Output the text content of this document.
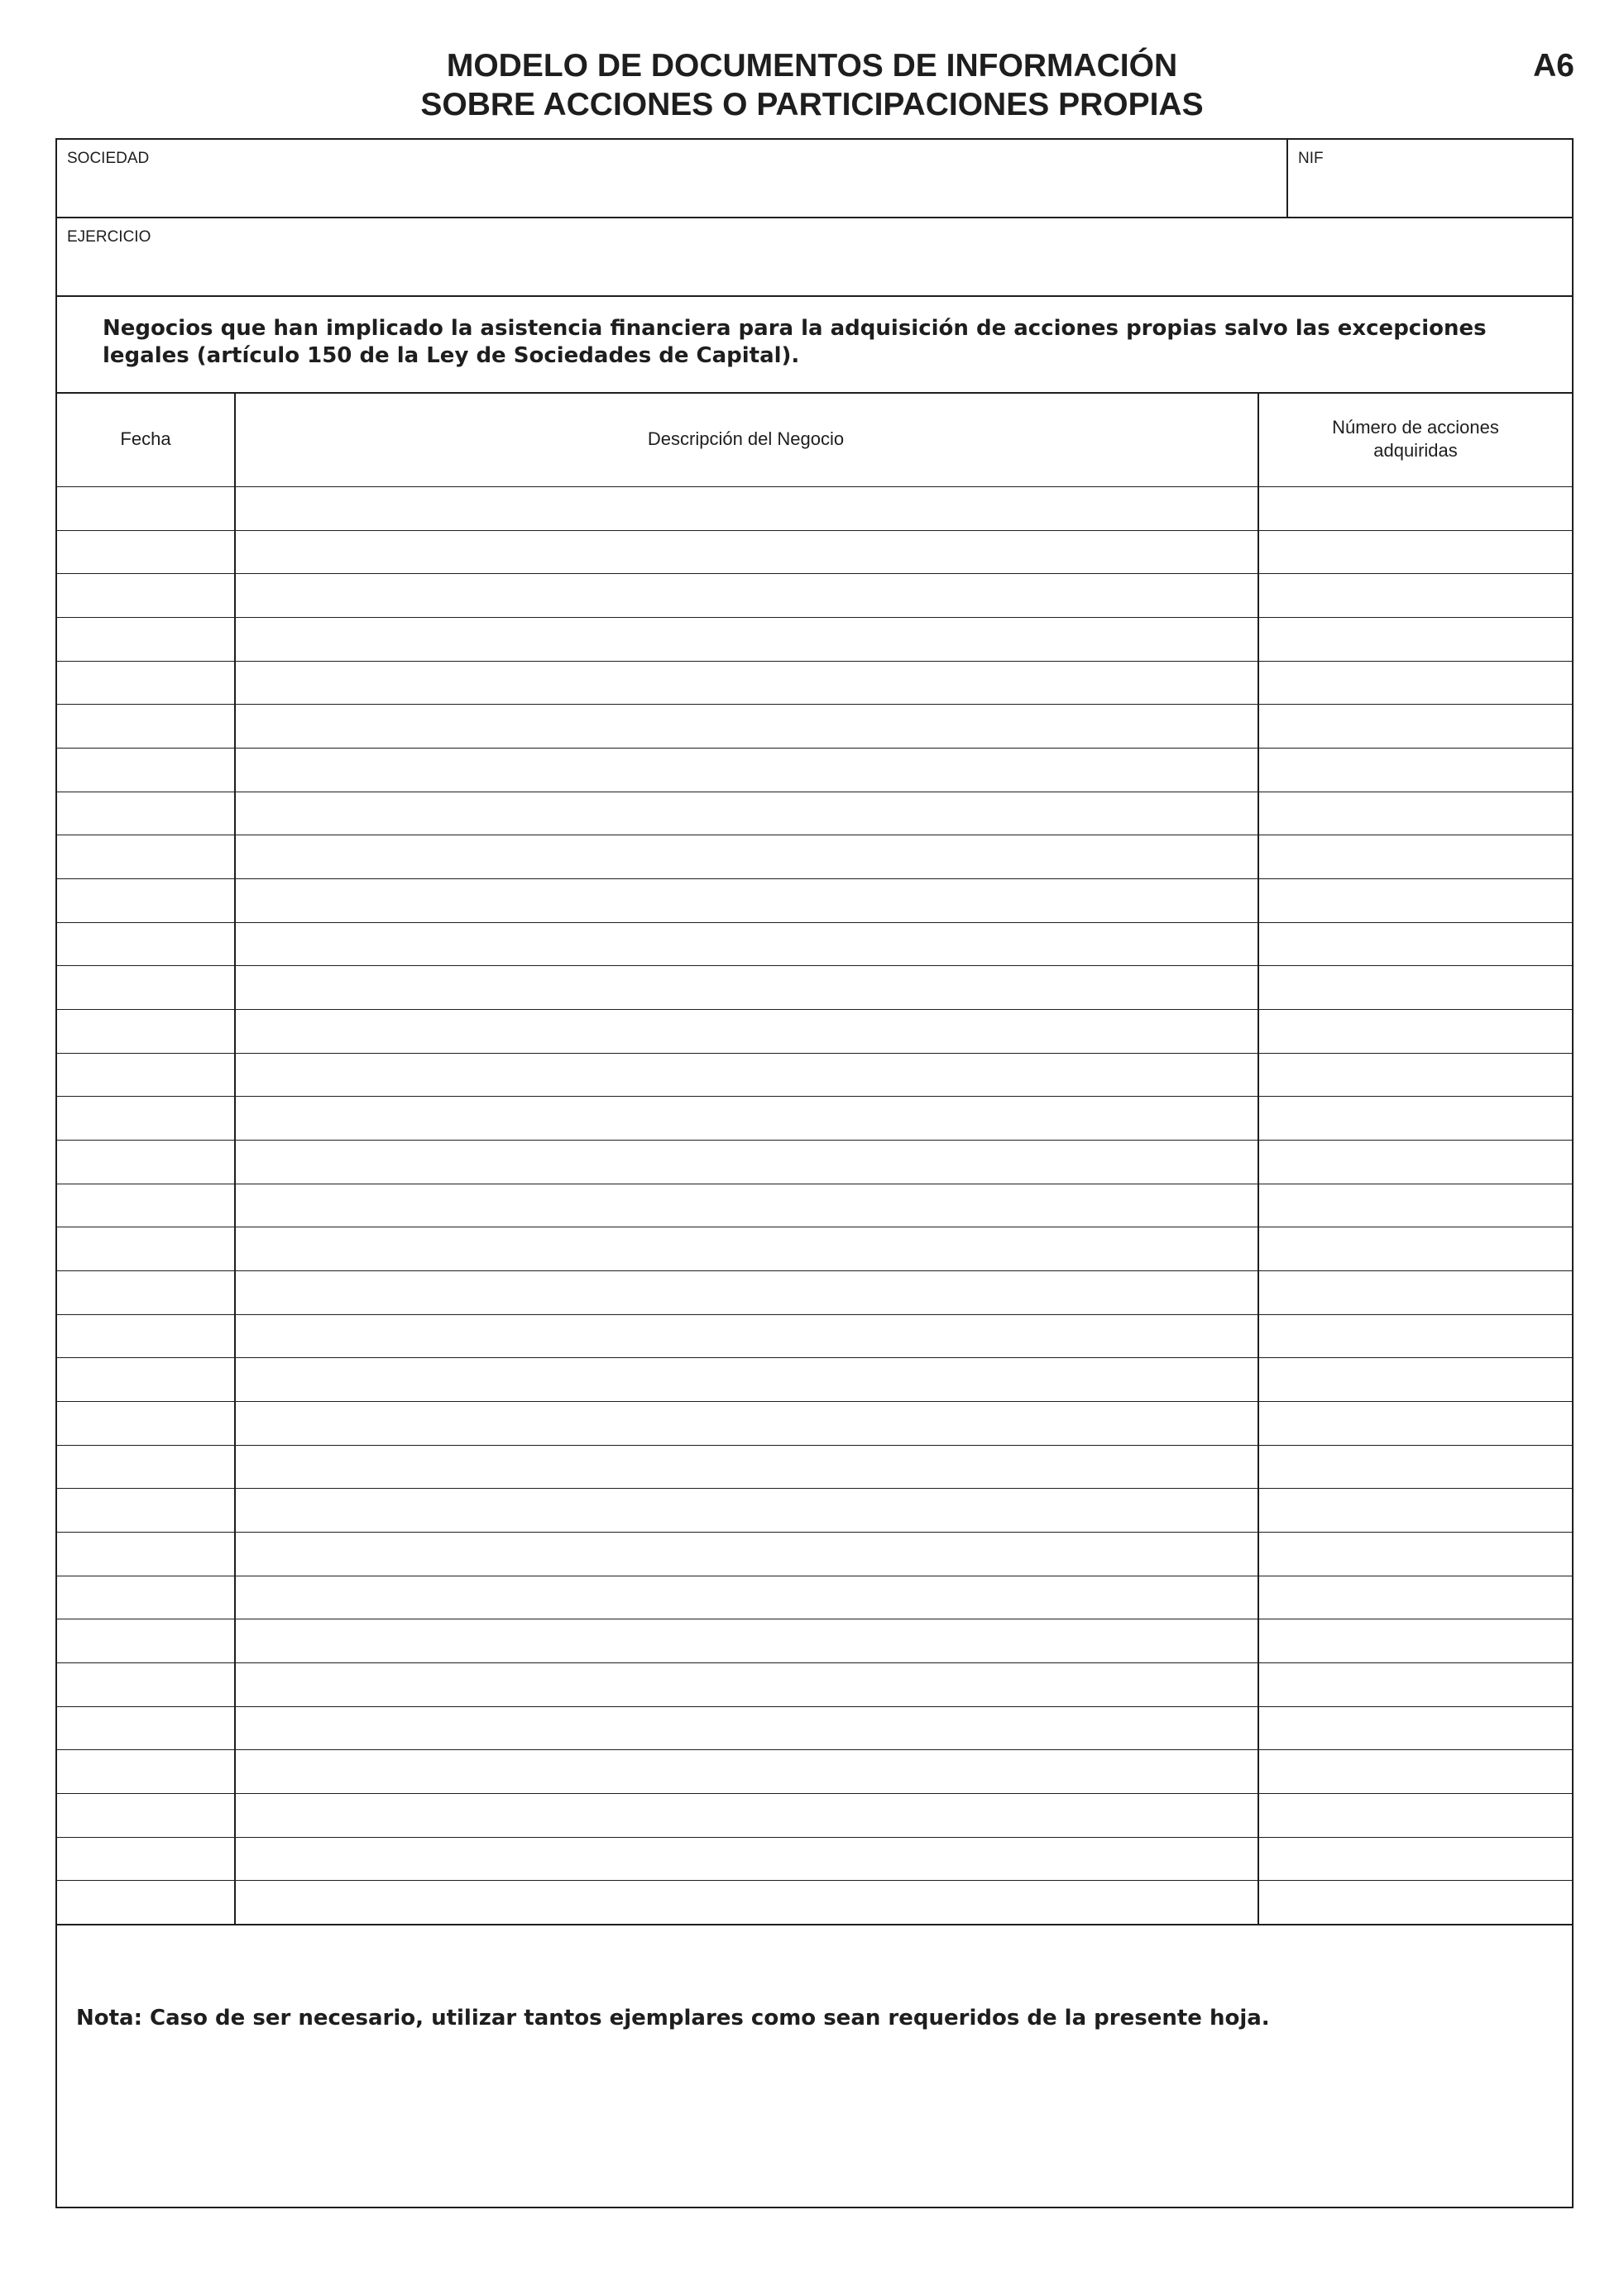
MODELO DE DOCUMENTOS DE INFORMACIÓN
SOBRE ACCIONES O PARTICIPACIONES PROPIAS
A6
SOCIEDAD	NIF
EJERCICIO
Negocios que han implicado la asistencia financiera para la adquisición de acciones propias salvo las excepciones legales (artículo 150 de la Ley de Sociedades de Capital).
Fecha	Descripción del Negocio
Número de acciones adquiridas
Nota: Caso de ser necesario, utilizar tantos ejemplares como sean requeridos de la presente hoja.
